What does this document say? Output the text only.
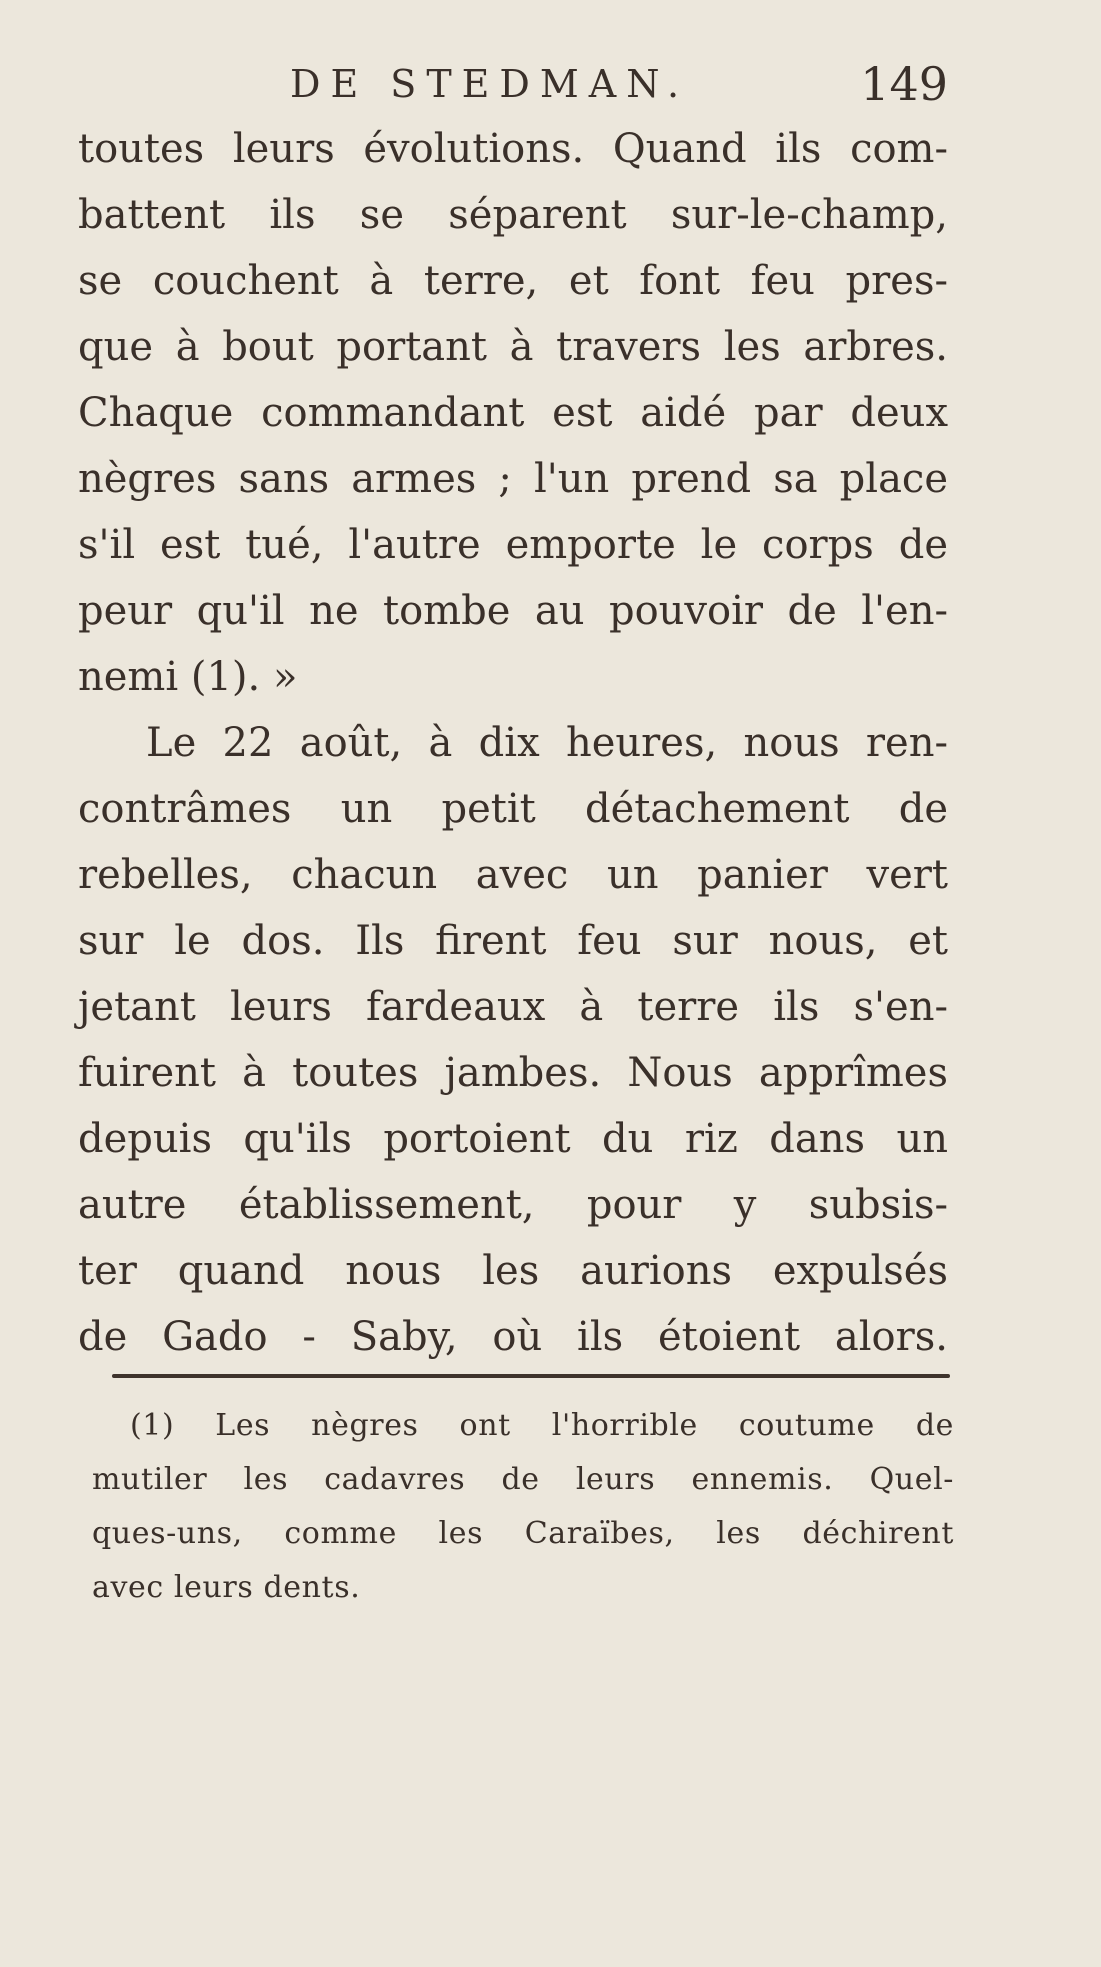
DE STEDMAN.	149
toutes leurs évolutions. Quand ils com-
battent ils se séparent sur-le-champ,
se couchent à terre, et font feu pres-
que à bout portant à travers les arbres.
Chaque commandant est aidé par deux
nègres sans armes ; l'un prend sa place
s'il est tué, l'autre emporte le corps de
peur qu'il ne tombe au pouvoir de l'en-
nemi (1). »
Le 22 août, à dix heures, nous ren-
contrâmes un petit détachement de
rebelles, chacun avec un panier vert
sur le dos. Ils firent feu sur nous, et
jetant leurs fardeaux à terre ils s'en-
fuirent à toutes jambes. Nous apprîmes
depuis qu'ils portoient du riz dans un
autre établissement, pour y subsis-
ter quand nous les aurions expulsés
de Gado - Saby, où ils étoient alors.
(1) Les nègres ont l'horrible coutume de
mutiler les cadavres de leurs ennemis. Quel-
ques-uns, comme les Caraïbes, les déchirent
avec leurs dents.
